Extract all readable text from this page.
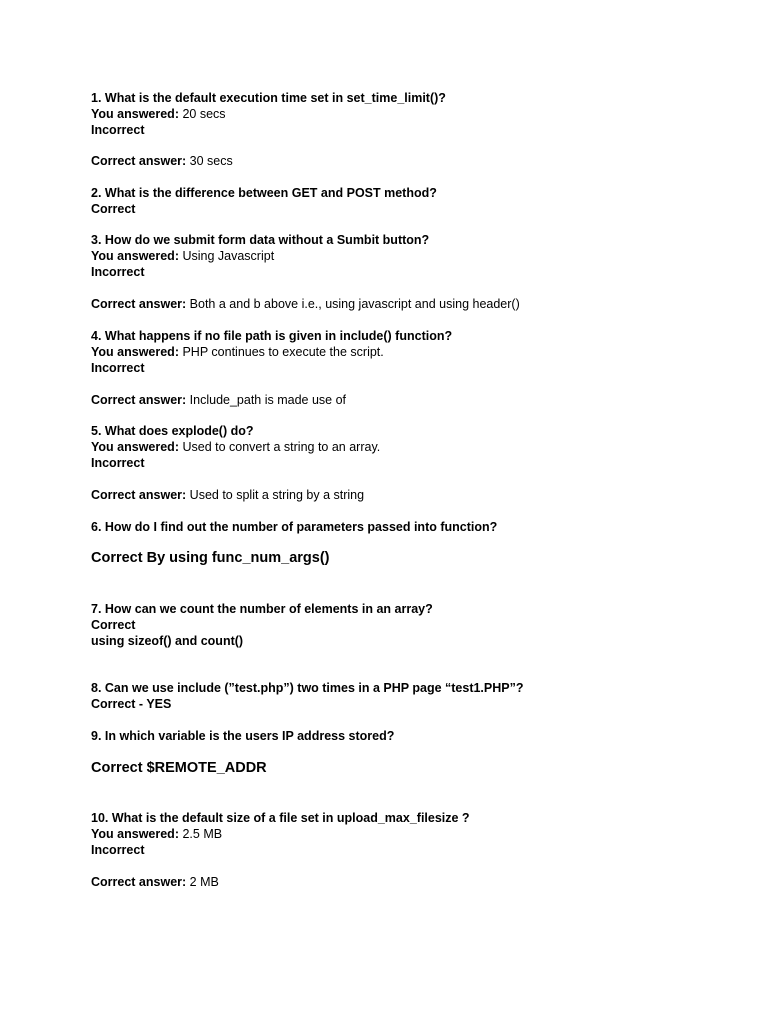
1. What is the default execution time set in set_time_limit()?
You answered: 20 secs
Incorrect
Correct answer: 30 secs
2. What is the difference between GET and POST method?
Correct
3. How do we submit form data without a Sumbit button?
You answered: Using Javascript
Incorrect
Correct answer: Both a and b above i.e., using javascript and using header()
4. What happens if no file path is given in include() function?
You answered: PHP continues to execute the script.
Incorrect
Correct answer: Include_path is made use of
5. What does explode() do?
You answered: Used to convert a string to an array.
Incorrect
Correct answer: Used to split a string by a string
6. How do I find out the number of parameters passed into function?
Correct By using func_num_args()
7. How can we count the number of elements in an array?
Correct
using sizeof() and count()
8. Can we use include (”test.php”) two times in a PHP page “test1.PHP”?
Correct - YES
9. In which variable is the users IP address stored?
Correct $REMOTE_ADDR
10. What is the default size of a file set in upload_max_filesize ?
You answered: 2.5 MB
Incorrect
Correct answer: 2 MB
